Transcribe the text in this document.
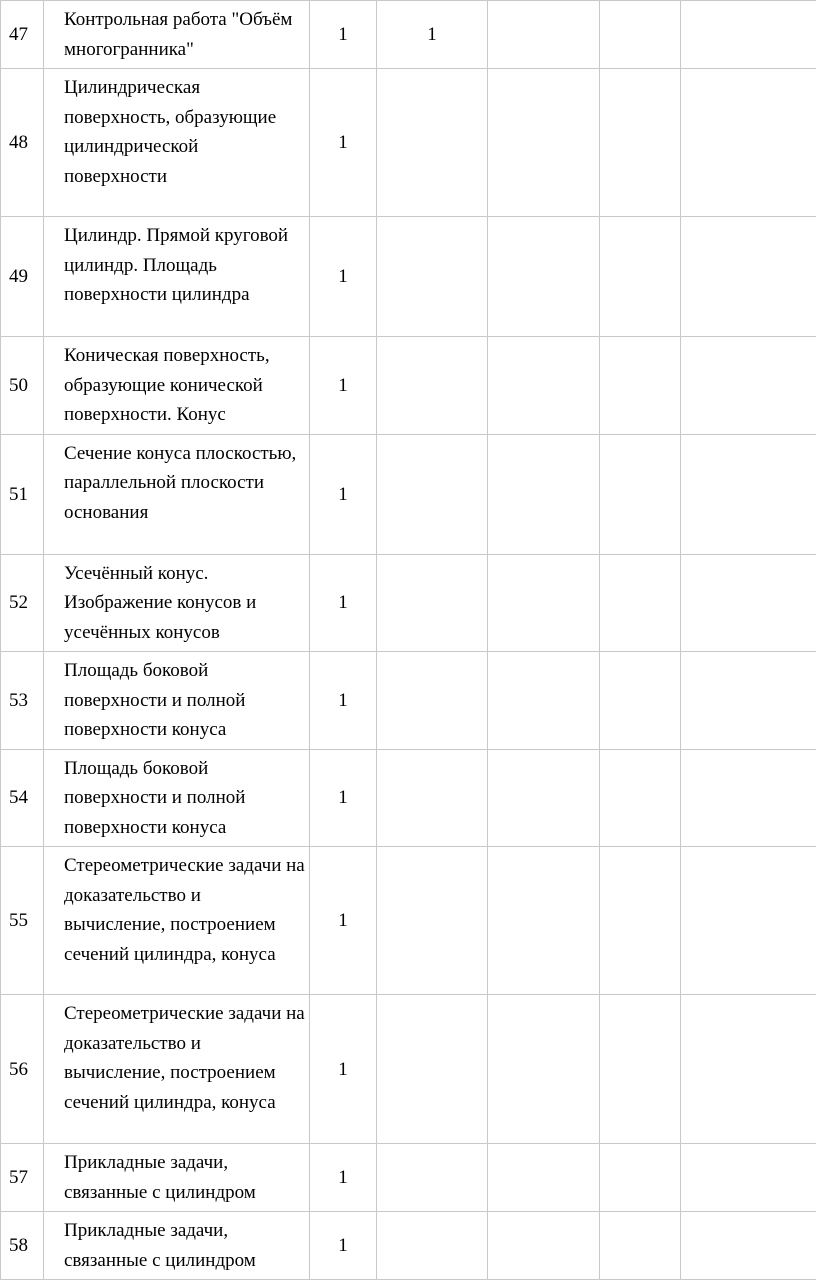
47	Контрольная работа "Объём многогранника"	1	1			
48	Цилиндрическая поверхность, образующие цилиндрической поверхности	1				
49	Цилиндр. Прямой круговой цилиндр. Площадь поверхности цилиндра	1				
50	Коническая поверхность, образующие конической поверхности. Конус	1				
51	Сечение конуса плоскостью, параллельной плоскости основания	1				
52	Усечённый конус. Изображение конусов и усечённых конусов	1				
53	Площадь боковой поверхности и полной поверхности конуса	1				
54	Площадь боковой поверхности и полной поверхности конуса	1				
55	Стереометрические задачи на доказательство и вычисление, построением сечений цилиндра, конуса	1				
56	Стереометрические задачи на доказательство и вычисление, построением сечений цилиндра, конуса	1				
57	Прикладные задачи, связанные с цилиндром	1				
58	Прикладные задачи, связанные с цилиндром	1				
